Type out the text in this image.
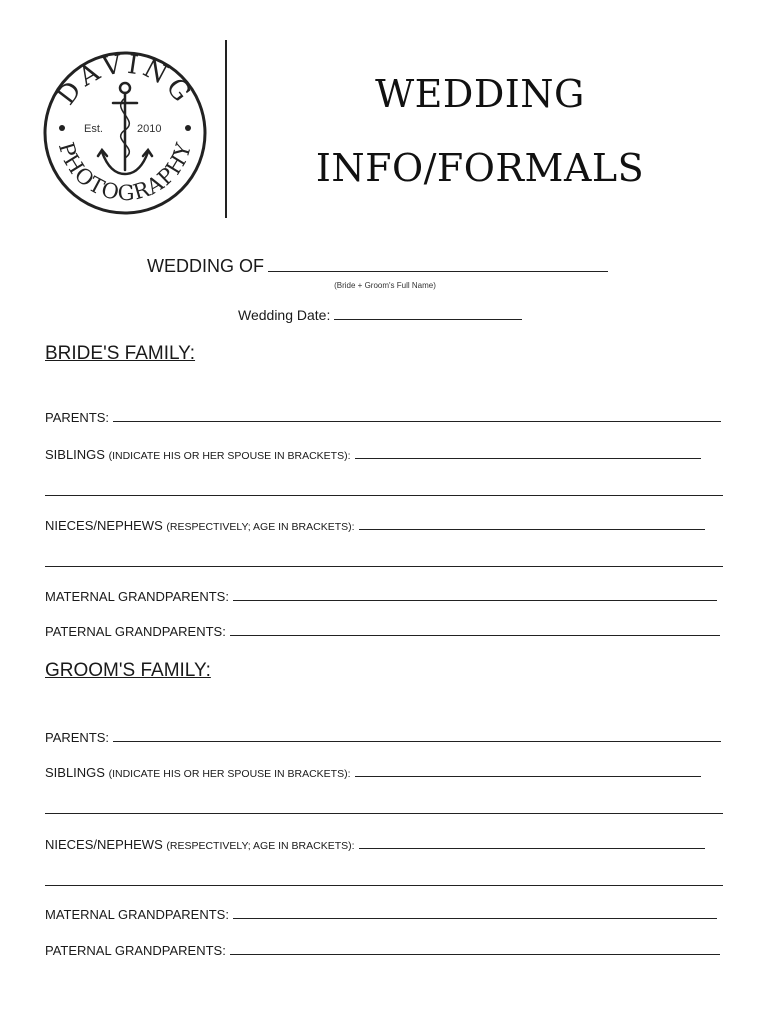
DAVING
PHOTOGRAPHY
Est.	2010
WEDDING
INFO/FORMALS
WEDDING OF
(Bride + Groom's Full Name)
Wedding Date:
BRIDE'S FAMILY:
PARENTS:
SIBLINGS (INDICATE HIS OR HER SPOUSE IN BRACKETS):
NIECES/NEPHEWS (RESPECTIVELY; AGE IN BRACKETS):
MATERNAL GRANDPARENTS:
PATERNAL GRANDPARENTS:
GROOM'S FAMILY:
PARENTS:
SIBLINGS (INDICATE HIS OR HER SPOUSE IN BRACKETS):
NIECES/NEPHEWS (RESPECTIVELY; AGE IN BRACKETS):
MATERNAL GRANDPARENTS:
PATERNAL GRANDPARENTS:
